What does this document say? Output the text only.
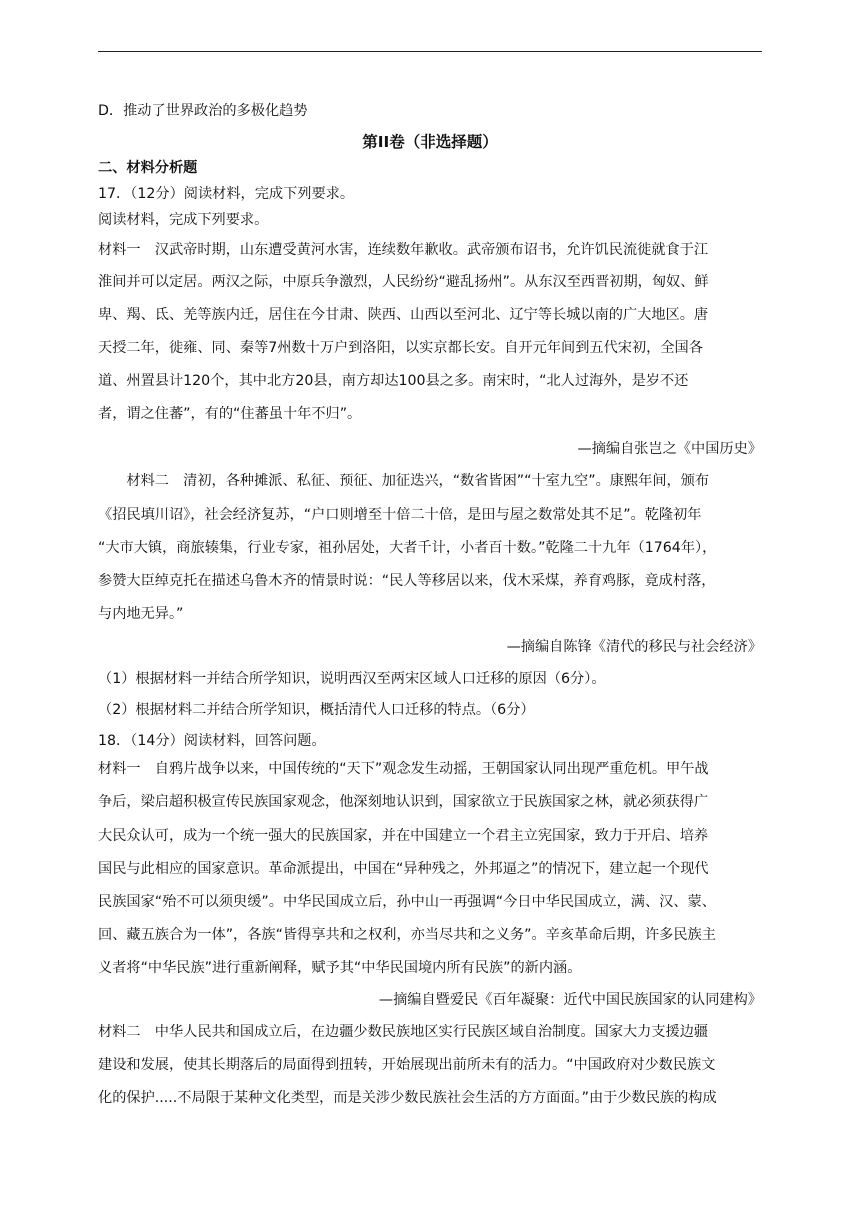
D．推动了世界政治的多极化趋势
第II卷（非选择题）
二、材料分析题
17．（12分）阅读材料，完成下列要求。
阅读材料，完成下列要求。
材料一　汉武帝时期，山东遭受黄河水害，连续数年歉收。武帝颁布诏书，允许饥民流徙就食于江
淮间并可以定居。两汉之际，中原兵争激烈，人民纷纷“避乱扬州”。从东汉至西晋初期，匈奴、鲜
卑、羯、氐、羌等族内迁，居住在今甘肃、陕西、山西以至河北、辽宁等长城以南的广大地区。唐
天授二年，徙雍、同、秦等7州数十万户到洛阳，以实京都长安。自开元年间到五代宋初，全国各
道、州置县计120个，其中北方20县，南方却达100县之多。南宋时，“北人过海外，是岁不还
者，谓之住蕃”，有的“住蕃虽十年不归”。
—摘编自张岂之《中国历史》
　　材料二　清初，各种摊派、私征、预征、加征迭兴，“数省皆困”“十室九空”。康熙年间，颁布
《招民填川诏》，社会经济复苏，“户口则增至十倍二十倍，是田与屋之数常处其不足”。乾隆初年
“大市大镇，商旅辏集，行业专家，祖孙居处，大者千计，小者百十数。”乾隆二十九年（1764年），
参赞大臣绰克托在描述乌鲁木齐的情景时说：“民人等移居以来，伐木采煤，养育鸡豚，竟成村落，
与内地无异。”
—摘编自陈锋《清代的移民与社会经济》
（1）根据材料一并结合所学知识，说明西汉至两宋区域人口迁移的原因（6分）。
（2）根据材料二并结合所学知识，概括清代人口迁移的特点。（6分）
18．（14分）阅读材料，回答问题。
材料一　自鸦片战争以来，中国传统的“天下”观念发生动摇，王朝国家认同出现严重危机。甲午战
争后，梁启超积极宣传民族国家观念，他深刻地认识到，国家欲立于民族国家之林，就必须获得广
大民众认可，成为一个统一强大的民族国家，并在中国建立一个君主立宪国家，致力于开启、培养
国民与此相应的国家意识。革命派提出，中国在“异种残之，外邦逼之”的情况下，建立起一个现代
民族国家“殆不可以须臾缓”。中华民国成立后，孙中山一再强调“今日中华民国成立，满、汉、蒙、
回、藏五族合为一体”，各族“皆得享共和之权利，亦当尽共和之义务”。辛亥革命后期，许多民族主
义者将“中华民族”进行重新阐释，赋予其“中华民国境内所有民族”的新内涵。
—摘编自暨爱民《百年凝聚：近代中国民族国家的认同建构》
材料二　中华人民共和国成立后，在边疆少数民族地区实行民族区域自治制度。国家大力支援边疆
建设和发展，使其长期落后的局面得到扭转，开始展现出前所未有的活力。“中国政府对少数民族文
化的保护.....不局限于某种文化类型，而是关涉少数民族社会生活的方方面面。”由于少数民族的构成
